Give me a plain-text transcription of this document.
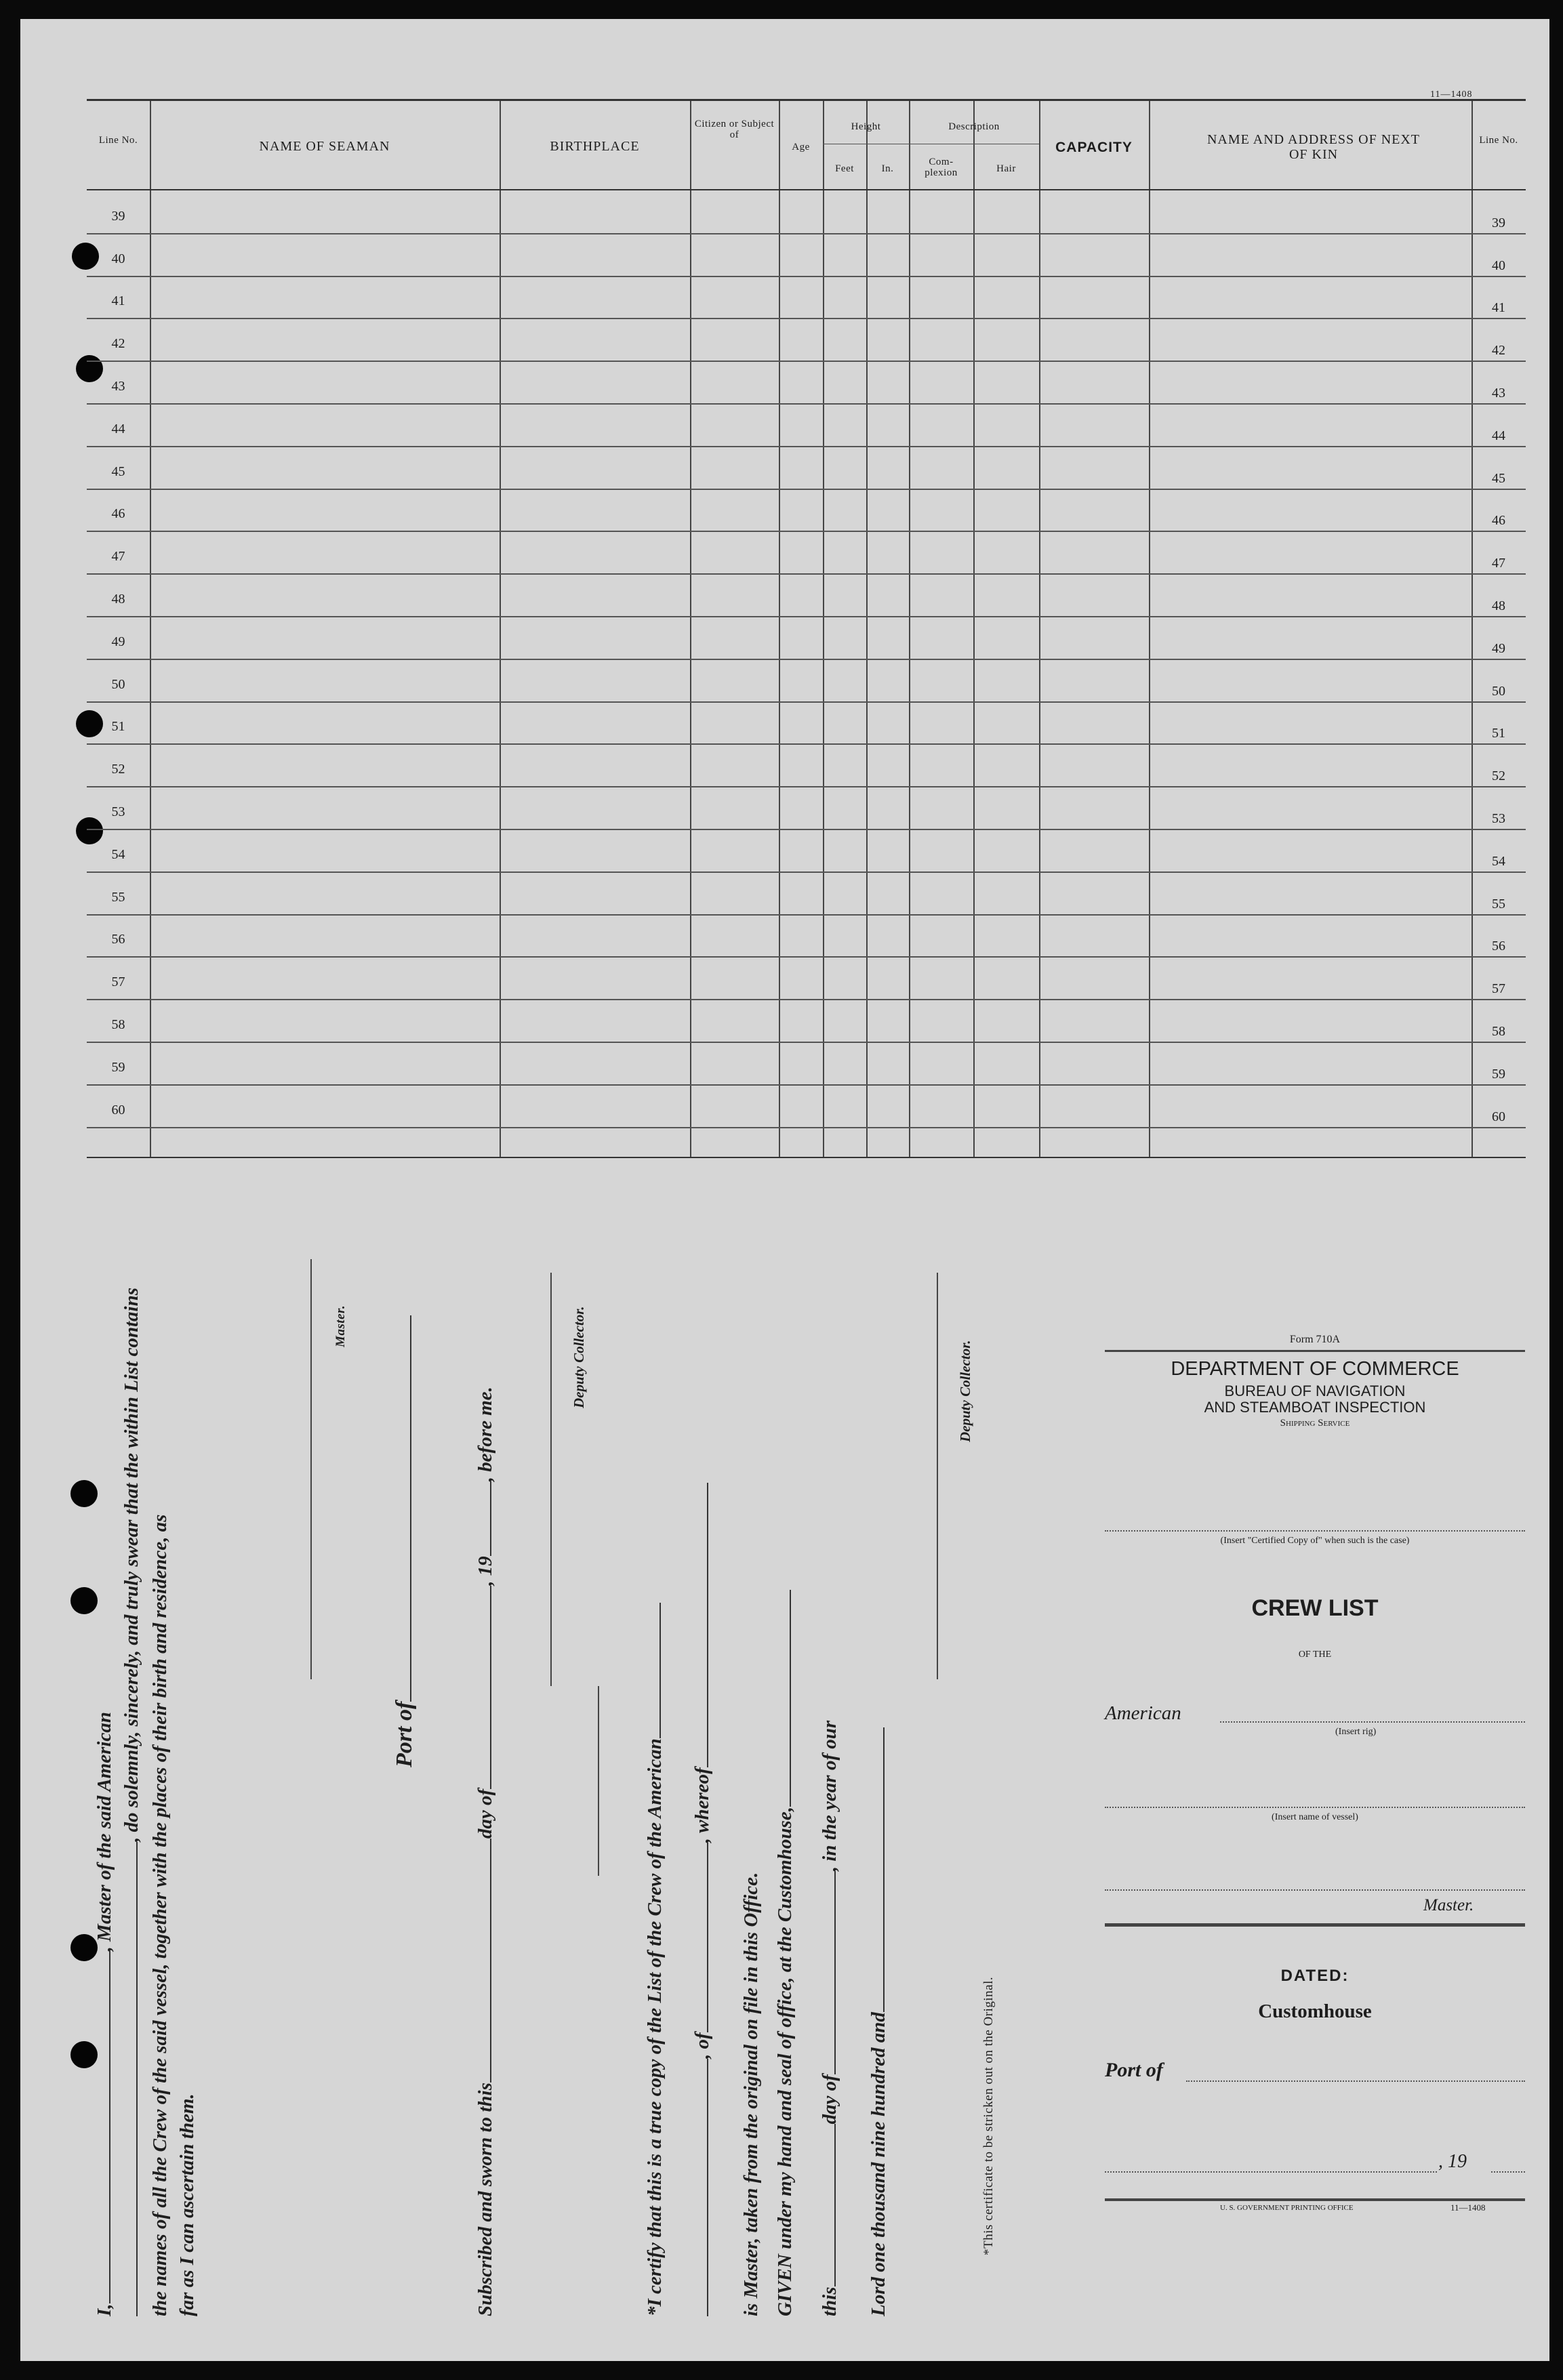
11—1408
Line No.	NAME OF SEAMAN	BIRTHPLACE
Citizen or Subject of
Age
Height
Feet	In.
Description
Com- plexion	Hair
CAPACITY	NAME AND ADDRESS OF NEXT OF KIN
Line No.
39	39
40	40
41	41
42	42
43	43
44	44
45	45
46	46
47	47
48	48
49	49
50	50
51	51
52	52
53	53
54	54
55	55
56	56
57	57
58	58
59	59
60	60
I,, Master of the said American , do solemnly, sincerely, and truly swear that the within List contains the names of all the Crew of the said vessel, together with the places of their birth and residence, as far as I can ascertain them.
Master.
Port of
Subscribed and sworn to thisday of, 19, before me.
Deputy Collector.
*I certify that this is a true copy of the List of the Crew of the American , of, whereof
is Master, taken from the original on file in this Office. GIVEN under my hand and seal of office, at the Customhouse, thisday of, in the year of our
Lord one thousand nine hundred and
Deputy Collector.
*This certificate to be stricken out on the Original.
Form 710A
DEPARTMENT OF COMMERCE
BUREAU OF NAVIGATION
AND STEAMBOAT INSPECTION
Shipping Service
(Insert "Certified Copy of" when such is the case)
CREW LIST
OF THE
American
(Insert rig)
(Insert name of vessel)
Master.
DATED:
Customhouse
Port of
, 19
U. S. GOVERNMENT PRINTING OFFICE	11—1408
